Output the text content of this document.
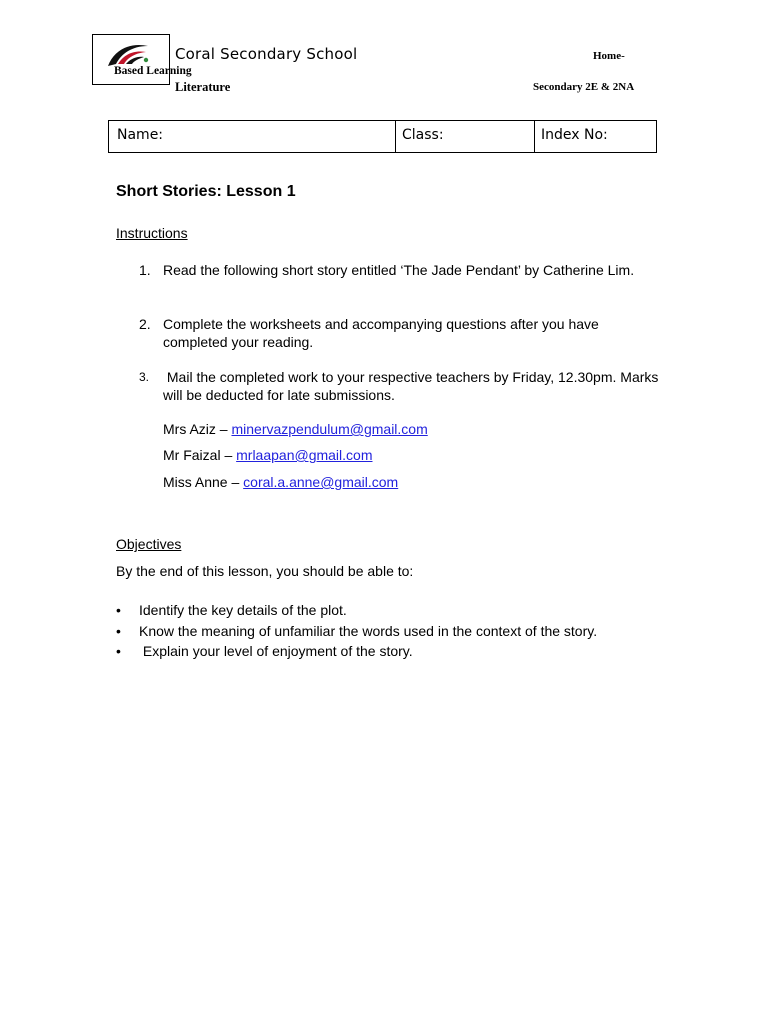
Coral Secondary School
Based Learning
Literature
Home-
Secondary 2E & 2NA
Name:	Class:	Index No:
Short Stories: Lesson 1
Instructions
1. Read the following short story entitled ‘The Jade Pendant’ by Catherine Lim.
2. Complete the worksheets and accompanying questions after you have completed your reading.
3. Mail the completed work to your respective teachers by Friday, 12.30pm. Marks will be deducted for late submissions.
Mrs Aziz – minervazpendulum@gmail.com
Mr Faizal – mrlaapan@gmail.com
Miss Anne – coral.a.anne@gmail.com
Objectives
By the end of this lesson, you should be able to:
• Identify the key details of the plot.
• Know the meaning of unfamiliar the words used in the context of the story.
• Explain your level of enjoyment of the story.
